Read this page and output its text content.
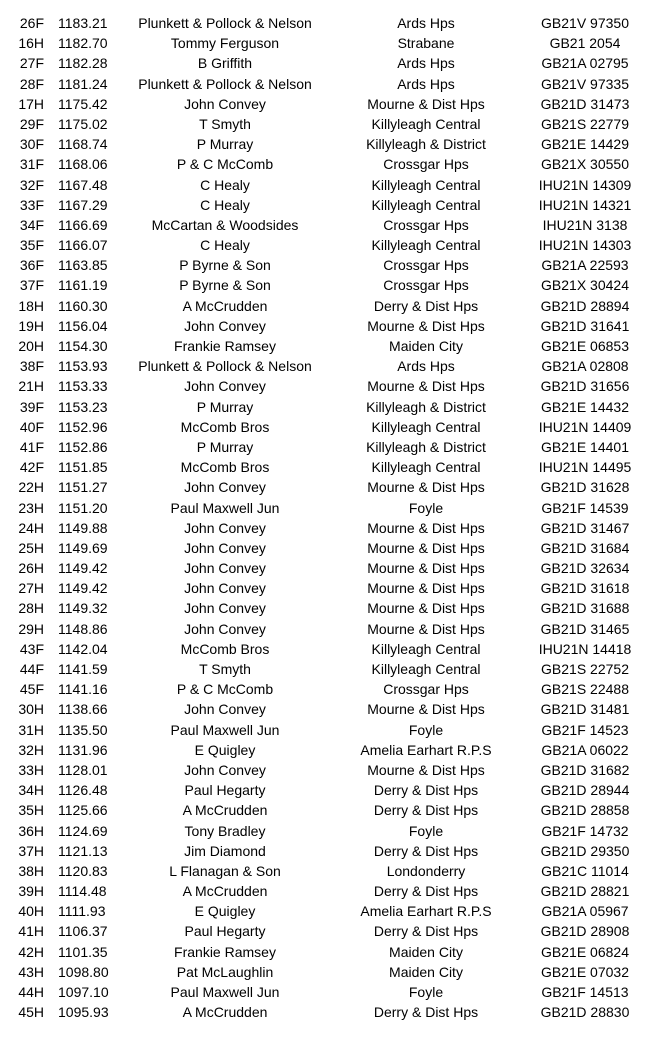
26F 1183.21	Plunkett & Pollock & Nelson	Ards Hps	GB21V 97350
16H 1182.70	Tommy Ferguson	Strabane	GB21 2054
27F 1182.28	B Griffith	Ards Hps	GB21A 02795
28F 1181.24	Plunkett & Pollock & Nelson	Ards Hps	GB21V 97335
17H 1175.42	John Convey	Mourne & Dist Hps	GB21D 31473
29F 1175.02	T Smyth	Killyleagh Central	GB21S 22779
30F 1168.74	P Murray	Killyleagh & District	GB21E 14429
31F 1168.06	P & C McComb	Crossgar Hps	GB21X 30550
32F 1167.48	C Healy	Killyleagh Central	IHU21N 14309
33F 1167.29	C Healy	Killyleagh Central	IHU21N 14321
34F 1166.69	McCartan & Woodsides	Crossgar Hps	IHU21N 3138
35F 1166.07	C Healy	Killyleagh Central	IHU21N 14303
36F 1163.85	P Byrne & Son	Crossgar Hps	GB21A 22593
37F 1161.19	P Byrne & Son	Crossgar Hps	GB21X 30424
18H 1160.30	A McCrudden	Derry & Dist Hps	GB21D 28894
19H 1156.04	John Convey	Mourne & Dist Hps	GB21D 31641
20H 1154.30	Frankie Ramsey	Maiden City	GB21E 06853
38F 1153.93	Plunkett & Pollock & Nelson	Ards Hps	GB21A 02808
21H 1153.33	John Convey	Mourne & Dist Hps	GB21D 31656
39F 1153.23	P Murray	Killyleagh & District	GB21E 14432
40F 1152.96	McComb Bros	Killyleagh Central	IHU21N 14409
41F 1152.86	P Murray	Killyleagh & District	GB21E 14401
42F 1151.85	McComb Bros	Killyleagh Central	IHU21N 14495
22H 1151.27	John Convey	Mourne & Dist Hps	GB21D 31628
23H 1151.20	Paul Maxwell Jun	Foyle	GB21F 14539
24H 1149.88	John Convey	Mourne & Dist Hps	GB21D 31467
25H 1149.69	John Convey	Mourne & Dist Hps	GB21D 31684
26H 1149.42	John Convey	Mourne & Dist Hps	GB21D 32634
27H 1149.42	John Convey	Mourne & Dist Hps	GB21D 31618
28H 1149.32	John Convey	Mourne & Dist Hps	GB21D 31688
29H 1148.86	John Convey	Mourne & Dist Hps	GB21D 31465
43F 1142.04	McComb Bros	Killyleagh Central	IHU21N 14418
44F 1141.59	T Smyth	Killyleagh Central	GB21S 22752
45F 1141.16	P & C McComb	Crossgar Hps	GB21S 22488
30H 1138.66	John Convey	Mourne & Dist Hps	GB21D 31481
31H 1135.50	Paul Maxwell Jun	Foyle	GB21F 14523
32H 1131.96	E Quigley	Amelia Earhart R.P.S	GB21A 06022
33H 1128.01	John Convey	Mourne & Dist Hps	GB21D 31682
34H 1126.48	Paul Hegarty	Derry & Dist Hps	GB21D 28944
35H 1125.66	A McCrudden	Derry & Dist Hps	GB21D 28858
36H 1124.69	Tony Bradley	Foyle	GB21F 14732
37H 1121.13	Jim Diamond	Derry & Dist Hps	GB21D 29350
38H 1120.83	L Flanagan & Son	Londonderry	GB21C 11014
39H 1114.48	A McCrudden	Derry & Dist Hps	GB21D 28821
40H 1111.93	E Quigley	Amelia Earhart R.P.S	GB21A 05967
41H 1106.37	Paul Hegarty	Derry & Dist Hps	GB21D 28908
42H 1101.35	Frankie Ramsey	Maiden City	GB21E 06824
43H 1098.80	Pat McLaughlin	Maiden City	GB21E 07032
44H 1097.10	Paul Maxwell Jun	Foyle	GB21F 14513
45H 1095.93	A McCrudden	Derry & Dist Hps	GB21D 28830
